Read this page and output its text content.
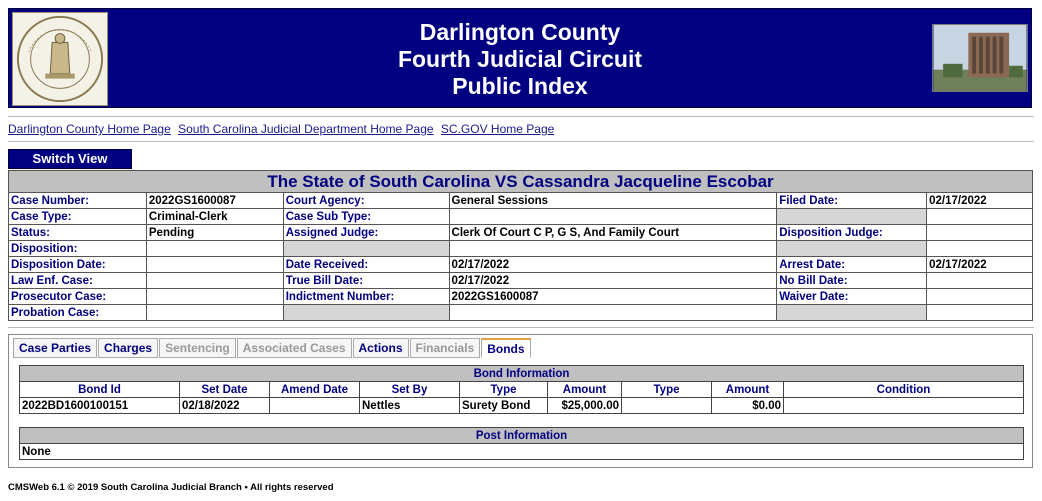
Darlington County
Fourth Judicial Circuit
Public Index
Darlington County Home Page South Carolina Judicial Department Home Page SC.GOV Home Page
Switch View
The State of South Carolina VS Cassandra Jacqueline Escobar					
Case Number:	2022GS1600087	Court Agency:	General Sessions	Filed Date:	02/17/2022
Case Type:	Criminal-Clerk	Case Sub Type:			
Status:	Pending	Assigned Judge:	Clerk Of Court C P, G S, And Family Court	Disposition Judge:	
Disposition:					
Disposition Date:		Date Received:	02/17/2022	Arrest Date:	02/17/2022
Law Enf. Case:		True Bill Date:	02/17/2022	No Bill Date:	
Prosecutor Case:		Indictment Number:	2022GS1600087	Waiver Date:	
Probation Case:					
Case Parties Charges Sentencing Associated Cases Actions Financials Bonds
Bond Information								
Bond Id	Set Date	Amend Date	Set By	Type	Amount	Type	Amount	Condition
2022BD1600100151	02/18/2022		Nettles	Surety Bond	$25,000.00		$0.00	
Post Information
None
CMSWeb 6.1 © 2019 South Carolina Judicial Branch • All rights reserved
